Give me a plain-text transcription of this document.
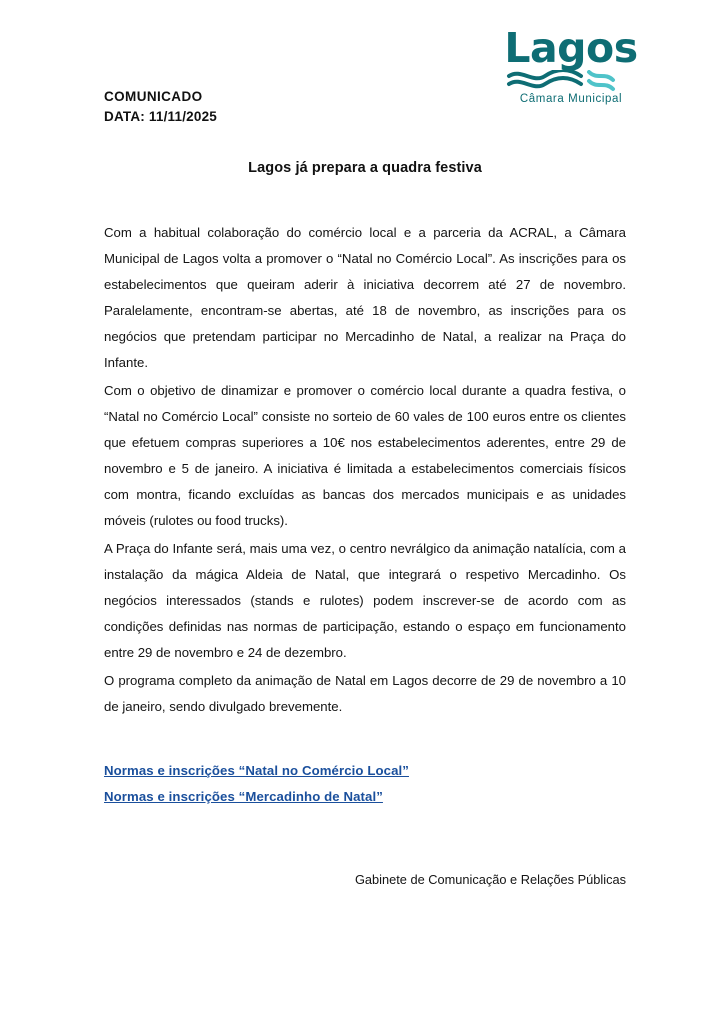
Lagos
Câmara Municipal
COMUNICADO
DATA: 11/11/2025
Lagos já prepara a quadra festiva

Com a habitual colaboração do comércio local e a parceria da ACRAL, a Câmara Municipal de Lagos volta a promover o “Natal no Comércio Local”. As inscrições para os estabelecimentos que queiram aderir à iniciativa decorrem até 27 de novembro. Paralelamente, encontram-se abertas, até 18 de novembro, as inscrições para os negócios que pretendam participar no Mercadinho de Natal, a realizar na Praça do Infante.

Com o objetivo de dinamizar e promover o comércio local durante a quadra festiva, o “Natal no Comércio Local” consiste no sorteio de 60 vales de 100 euros entre os clientes que efetuem compras superiores a 10€ nos estabelecimentos aderentes, entre 29 de novembro e 5 de janeiro. A iniciativa é limitada a estabelecimentos comerciais físicos com montra, ficando excluídas as bancas dos mercados municipais e as unidades móveis (rulotes ou food trucks).

A Praça do Infante será, mais uma vez, o centro nevrálgico da animação natalícia, com a instalação da mágica Aldeia de Natal, que integrará o respetivo Mercadinho. Os negócios interessados (stands e rulotes) podem inscrever-se de acordo com as condições definidas nas normas de participação, estando o espaço em funcionamento entre 29 de novembro e 24 de dezembro.

O programa completo da animação de Natal em Lagos decorre de 29 de novembro a 10 de janeiro, sendo divulgado brevemente.

Normas e inscrições “Natal no Comércio Local”
Normas e inscrições “Mercadinho de Natal”
Gabinete de Comunicação e Relações Públicas
